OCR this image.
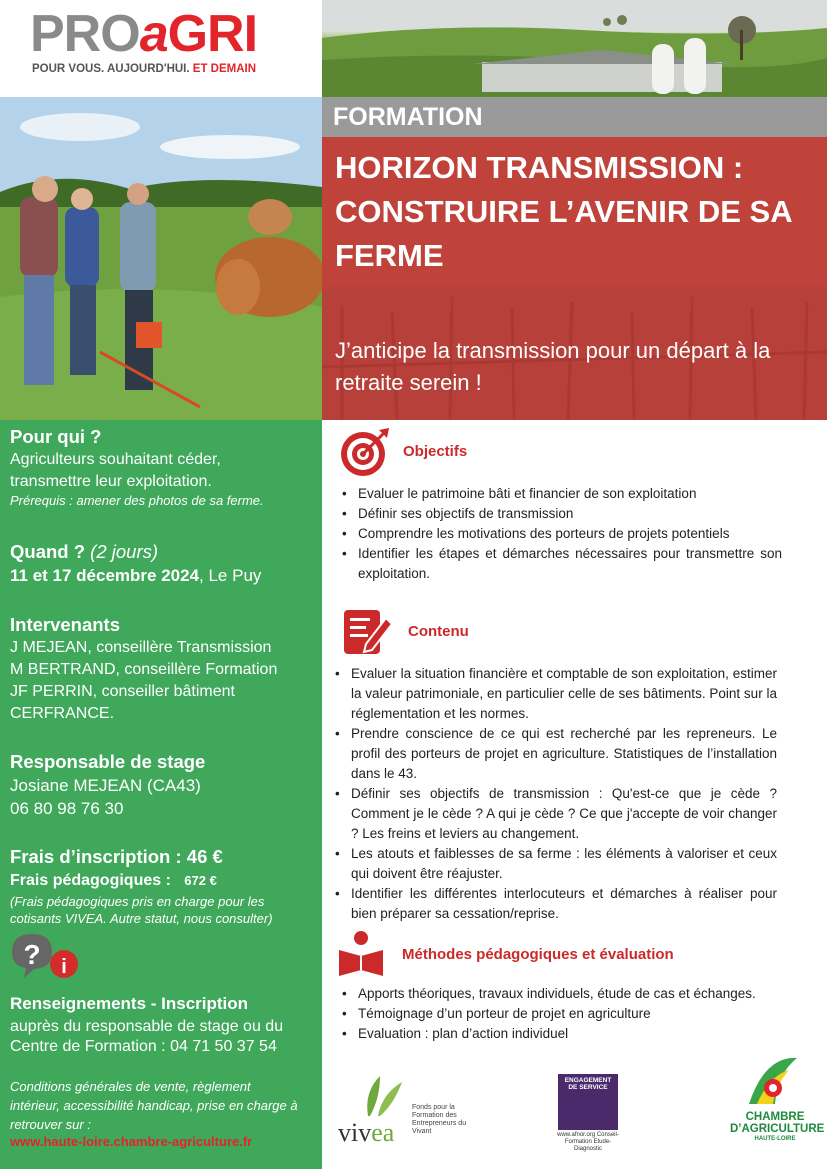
PROaGRI
POUR VOUS. AUJOURD'HUI. ET DEMAIN
FORMATION
HORIZON TRANSMISSION : CONSTRUIRE L’AVENIR DE SA FERME
J’anticipe la transmission pour un départ à la retraite serein !
Pour qui ?
Agriculteurs souhaitant céder, transmettre leur exploitation.
Prérequis : amener des photos de sa ferme.
Quand ? (2 jours)
11 et 17 décembre 2024, Le Puy
Intervenants
J MEJEAN, conseillère Transmission
M BERTRAND, conseillère Formation
JF PERRIN, conseiller bâtiment
CERFRANCE.
Responsable de stage
Josiane MEJEAN (CA43)
06 80 98 76 30
Frais d’inscription : 46 €
Frais pédagogiques : 672 €
(Frais pédagogiques pris en charge pour les cotisants VIVEA. Autre statut, nous consulter)
? i
Renseignements - Inscription
auprès du responsable de stage ou du
Centre de Formation : 04 71 50 37 54
Conditions générales de vente, règlement intérieur, accessibilité handicap, prise en charge à retrouver sur :
www.haute-loire.chambre-agriculture.fr
Objectifs
• Evaluer le patrimoine bâti et financier de son exploitation
• Définir ses objectifs de transmission
• Comprendre les motivations des porteurs de projets potentiels
• Identifier les étapes et démarches nécessaires pour transmettre son exploitation.
Contenu
• Evaluer la situation financière et comptable de son exploitation, estimer la valeur patrimoniale, en particulier celle de ses bâtiments. Point sur la réglementation et les normes.
• Prendre conscience de ce qui est recherché par les repreneurs. Le profil des porteurs de projet en agriculture. Statistiques de l’installation dans le 43.
• Définir ses objectifs de transmission : Qu'est-ce que je cède ? Comment je le cède ? A qui je cède ? Ce que j'accepte de voir changer ? Les freins et leviers au changement.
• Les atouts et faiblesses de sa ferme : les éléments à valoriser et ceux qui doivent être réajuster.
• Identifier les différentes interlocuteurs et démarches à réaliser pour bien préparer sa cessation/reprise.
Méthodes pédagogiques et évaluation
• Apports théoriques, travaux individuels, étude de cas et échanges.
• Témoignage d’un porteur de projet en agriculture
• Evaluation : plan d’action individuel
vivea
Fonds pour la Formation des Entrepreneurs du Vivant
ENGAGEMENT DE SERVICE
www.afnor.org Conseil-Formation Etude-Diagnostic
CHAMBRE D’AGRICULTURE
HAUTE-LOIRE
